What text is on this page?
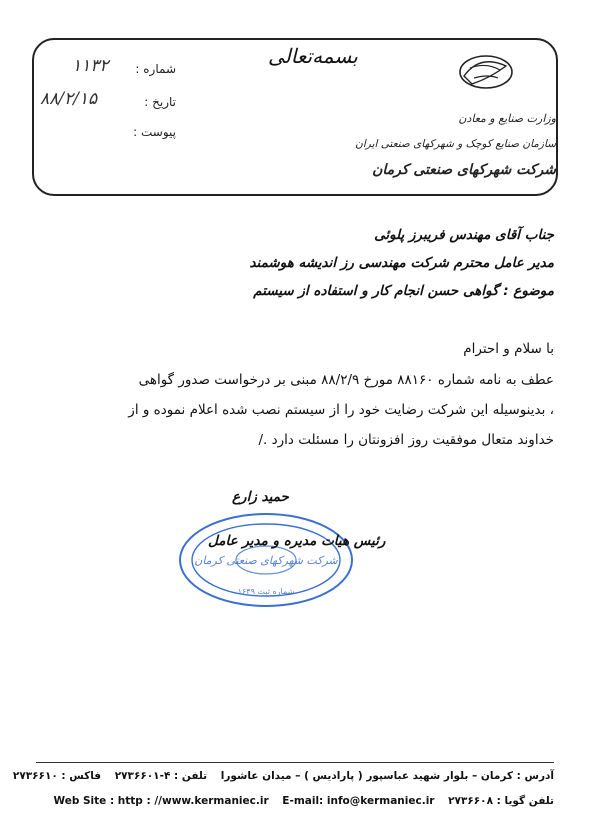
بسمه‌تعالی
شماره :
۱۱۳۲
تاریخ :
۸۸/۲/۱۵
پیوست :
وزارت صنایع و معادن
سازمان صنایع کوچک و شهرکهای صنعتی ایران
شرکت شهرکهای صنعتی کرمان
جناب آقای مهندس فریبرز پلوئی
مدیر عامل محترم شرکت مهندسی رز اندیشه هوشمند
موضوع : گواهی حسن انجام کار و استفاده از سیستم
با سلام و احترام
عطف به نامه شماره ۸۸۱۶۰ مورخ ۸۸/۲/۹ مبنی بر درخواست صدور گواهی
، بدینوسیله این شرکت رضایت خود را از سیستم نصب شده اعلام نموده و از
خداوند متعال موفقیت روز افزونتان را مسئلت دارد ./
شرکت شهرکهای صنعتی کرمان
شماره ثبت ۱۶۴۹
حمید زارع
رئیس هیات مدیره و مدیر عامل
آدرس : کرمان – بلوار شهید عباسپور ( پارادیس ) – میدان عاشورا تلفن : ۴-۲۷۳۶۶۰۱ فاکس : ۲۷۳۶۶۱۰
تلفن گویا : ۲۷۳۶۶۰۸ Web Site : http : //www.kermaniec.ir E-mail: info@kermaniec.ir
